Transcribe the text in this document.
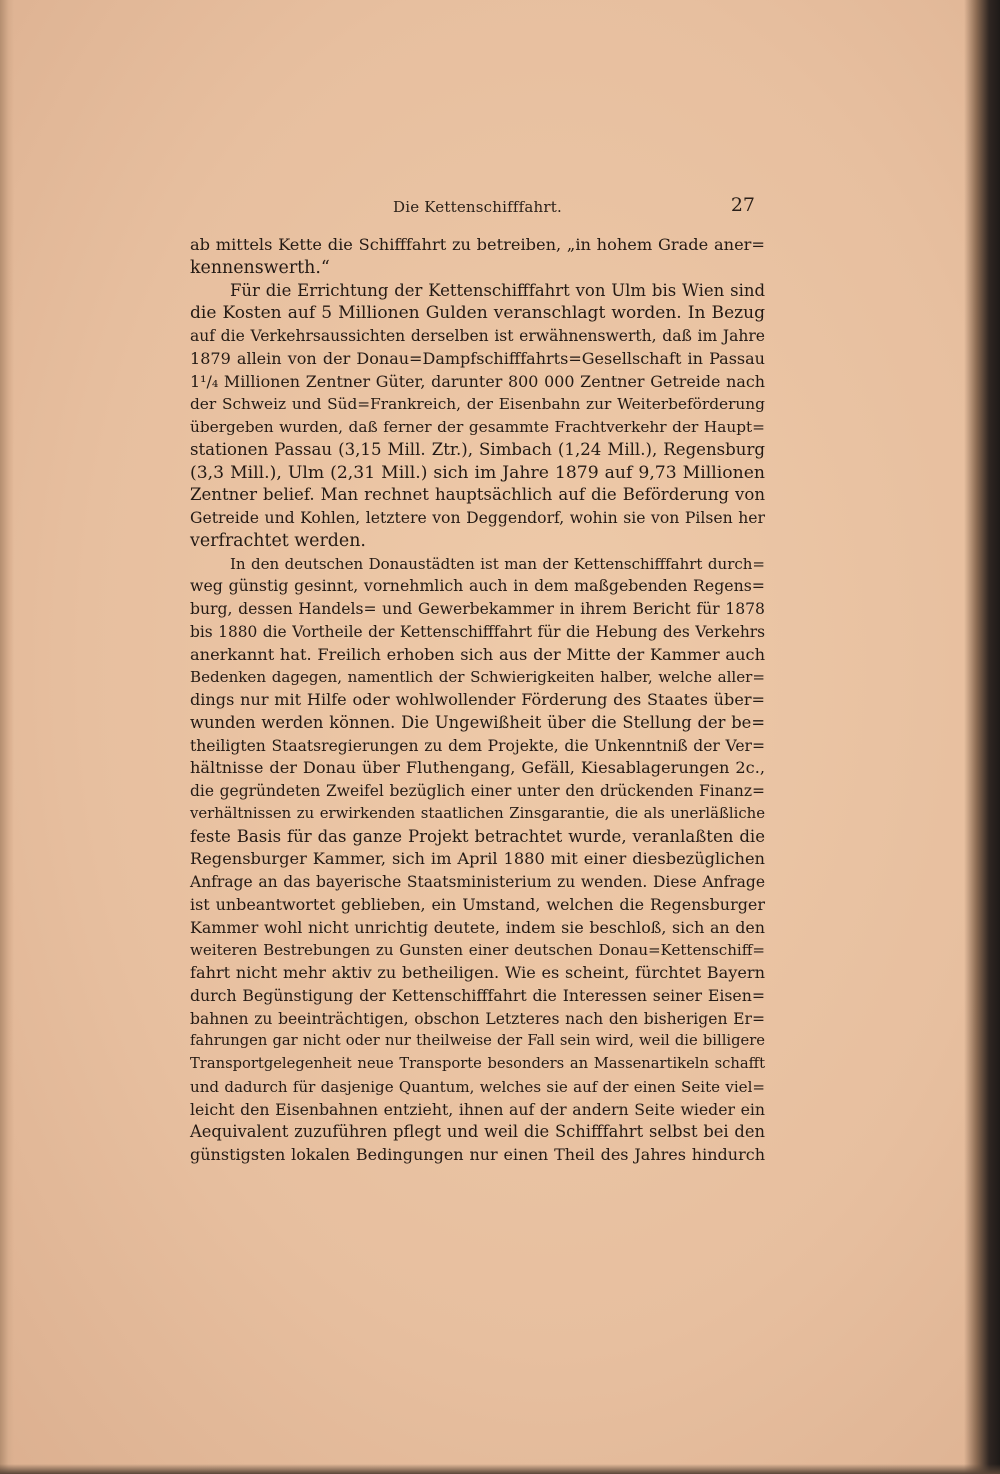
Die Kettenschifffahrt.	27
ab mittels Kette die Schifffahrt zu betreiben, „in hohem Grade aner=
kennenswerth.“
Für die Errichtung der Kettenschifffahrt von Ulm bis Wien sind
die Kosten auf 5 Millionen Gulden veranschlagt worden. In Bezug
auf die Verkehrsaussichten derselben ist erwähnenswerth, daß im Jahre
1879 allein von der Donau=Dampfschifffahrts=Gesellschaft in Passau
1¹/₄ Millionen Zentner Güter, darunter 800 000 Zentner Getreide nach
der Schweiz und Süd=Frankreich, der Eisenbahn zur Weiterbeförderung
übergeben wurden, daß ferner der gesammte Frachtverkehr der Haupt=
stationen Passau (3,15 Mill. Ztr.), Simbach (1,24 Mill.), Regensburg
(3,3 Mill.), Ulm (2,31 Mill.) sich im Jahre 1879 auf 9,73 Millionen
Zentner belief. Man rechnet hauptsächlich auf die Beförderung von
Getreide und Kohlen, letztere von Deggendorf, wohin sie von Pilsen her
verfrachtet werden.
In den deutschen Donaustädten ist man der Kettenschifffahrt durch=
weg günstig gesinnt, vornehmlich auch in dem maßgebenden Regens=
burg, dessen Handels= und Gewerbekammer in ihrem Bericht für 1878
bis 1880 die Vortheile der Kettenschifffahrt für die Hebung des Verkehrs
anerkannt hat. Freilich erhoben sich aus der Mitte der Kammer auch
Bedenken dagegen, namentlich der Schwierigkeiten halber, welche aller=
dings nur mit Hilfe oder wohlwollender Förderung des Staates über=
wunden werden können. Die Ungewißheit über die Stellung der be=
theiligten Staatsregierungen zu dem Projekte, die Unkenntniß der Ver=
hältnisse der Donau über Fluthengang, Gefäll, Kiesablagerungen 2c.,
die gegründeten Zweifel bezüglich einer unter den drückenden Finanz=
verhältnissen zu erwirkenden staatlichen Zinsgarantie, die als unerläßliche
feste Basis für das ganze Projekt betrachtet wurde, veranlaßten die
Regensburger Kammer, sich im April 1880 mit einer diesbezüglichen
Anfrage an das bayerische Staatsministerium zu wenden. Diese Anfrage
ist unbeantwortet geblieben, ein Umstand, welchen die Regensburger
Kammer wohl nicht unrichtig deutete, indem sie beschloß, sich an den
weiteren Bestrebungen zu Gunsten einer deutschen Donau=Kettenschiff=
fahrt nicht mehr aktiv zu betheiligen. Wie es scheint, fürchtet Bayern
durch Begünstigung der Kettenschifffahrt die Interessen seiner Eisen=
bahnen zu beeinträchtigen, obschon Letzteres nach den bisherigen Er=
fahrungen gar nicht oder nur theilweise der Fall sein wird, weil die billigere
Transportgelegenheit neue Transporte besonders an Massenartikeln schafft
und dadurch für dasjenige Quantum, welches sie auf der einen Seite viel=
leicht den Eisenbahnen entzieht, ihnen auf der andern Seite wieder ein
Aequivalent zuzuführen pflegt und weil die Schifffahrt selbst bei den
günstigsten lokalen Bedingungen nur einen Theil des Jahres hindurch
